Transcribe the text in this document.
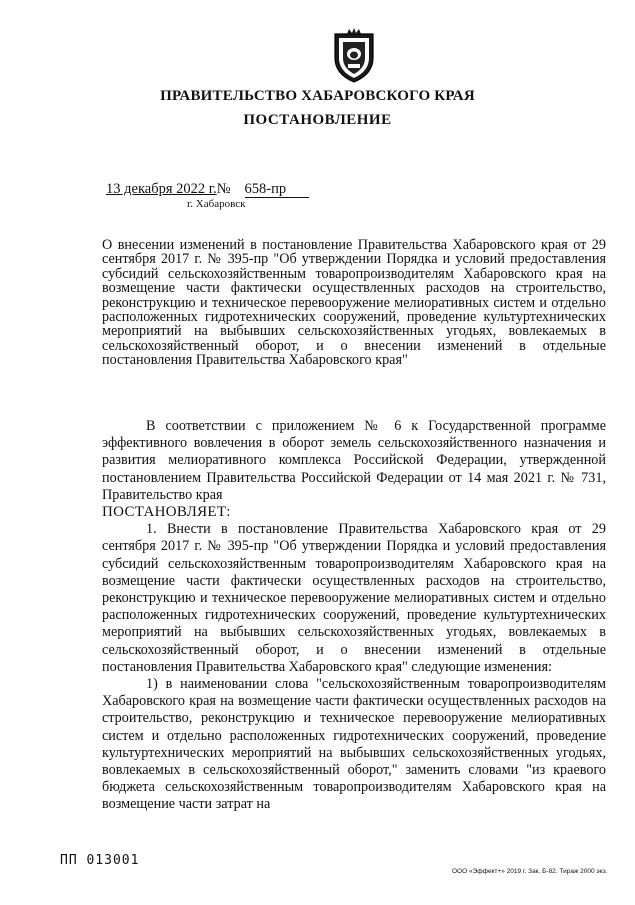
ПРАВИТЕЛЬСТВО ХАБАРОВСКОГО КРАЯ
ПОСТАНОВЛЕНИЕ
13 декабря 2022 г.№ 658-пр
г. Хабаровск
О внесении изменений в постановление Правительства Хабаровского края от 29 сентября 2017 г. № 395-пр "Об утверждении Порядка и условий предоставления субсидий сельскохозяйственным товаропроизводителям Хабаровского края на возмещение части фактически осуществленных расходов на строительство, реконструкцию и техническое перевооружение мелиоративных систем и отдельно расположенных гидротехнических сооружений, проведение культуртехнических мероприятий на выбывших сельскохозяйственных угодьях, вовлекаемых в сельскохозяйственный оборот, и о внесении изменений в отдельные постановления Правительства Хабаровского края"

В соответствии с приложением № 6 к Государственной программе эффективного вовлечения в оборот земель сельскохозяйственного назначения и развития мелиоративного комплекса Российской Федерации, утвержденной постановлением Правительства Российской Федерации от 14 мая 2021 г. № 731, Правительство края

ПОСТАНОВЛЯЕТ:

1. Внести в постановление Правительства Хабаровского края от 29 сентября 2017 г. № 395-пр "Об утверждении Порядка и условий предоставления субсидий сельскохозяйственным товаропроизводителям Хабаровского края на возмещение части фактически осуществленных расходов на строительство, реконструкцию и техническое перевооружение мелиоративных систем и отдельно расположенных гидротехнических сооружений, проведение культуртехнических мероприятий на выбывших сельскохозяйственных угодьях, вовлекаемых в сельскохозяйственный оборот, и о внесении изменений в отдельные постановления Правительства Хабаровского края" следующие изменения:

1) в наименовании слова "сельскохозяйственным товаропроизводителям Хабаровского края на возмещение части фактически осуществленных расходов на строительство, реконструкцию и техническое перевооружение мелиоративных систем и отдельно расположенных гидротехнических сооружений, проведение культуртехнических мероприятий на выбывших сельскохозяйственных угодьях, вовлекаемых в сельскохозяйственный оборот," заменить словами "из краевого бюджета сельскохозяйственным товаропроизводителям Хабаровского края на возмещение части затрат на

ПП 013001
ООО «Эффект+» 2019 г. Зак. Б-82. Тираж 2000 экз.
